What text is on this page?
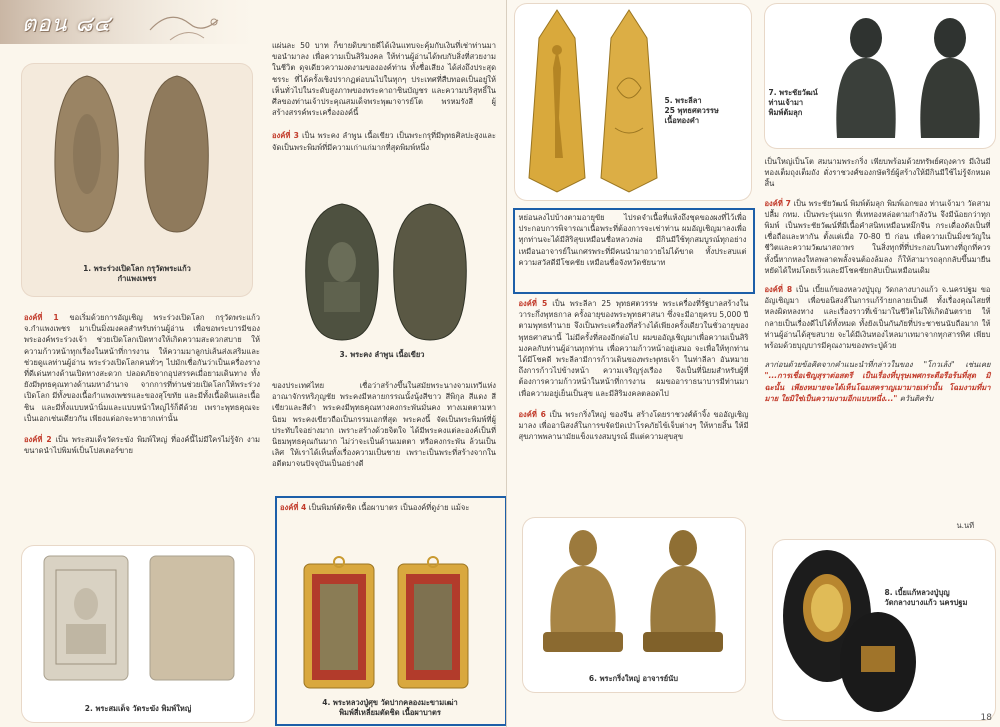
ตอน ๘๔
1. พระร่วงเปิดโลก กรุวัดพระแก้ว
กำแพงเพชร

องค์ที่ 1 ขอเริ่มด้วยการอัญเชิญ พระร่วงเปิดโลก กรุวัดพระแก้ว จ.กำแพงเพชร มาเป็นมิ่งมงคลสำหรับท่านผู้อ่าน เพื่อขอพระบารมีของพระองค์พระร่วงเจ้า ช่วยเปิดโลกเปิดทางให้เกิดความสะดวกสบาย ให้ความก้าวหน้าทุกเรื่องในหน้าที่การงาน ให้ความมาลูกบ่เส้นส่งเสริมและช่วยดูแลท่านผู้อ่าน พระร่วงเปิดโลกคนทั่วๆ ไปมักเชื่อกันว่าเป็นเครื่องรางที่ดีเด่นทางด้านเปิดทางสะดวก ปลอดภัยจากอุปสรรคเมื่อยามเดินทาง ทั้งยังมีพุทธคุณทางด้านมหาอำนาจ จากการที่ท่านช่วยเปิดโลกให้พระร่วงเปิดโลก มีทั้งของเนื้อกำแพงเพชรและของสุโขทัย และมีทั้งเนื้อดินและเนื้อชิน และมีทั้งแบบหน้านิ่มและแบบหน้าใหญ่ไร้ก็ดีด้วย เพราะพุทธคุณจะเป็นเอกเช่นเดียวกัน เพียงแต่อกจะหายากเท่านั้น

องค์ที่ 2 เป็น พระสมเด็จวัดระฆัง พิมพ์ใหญ่ ที่องค์นี้ไม่มีใครไม่รู้จัก งามขนาดนำไปพิมพ์เป็นโปสเตอร์ขาย

2. พระสมเด็จ วัดระฆัง พิมพ์ใหญ่

แผ่นละ 50 บาท ก็ขายดิบขายดีได้เงินแทบจะคุ้มกับเงินที่เช่าท่านมา ขอนำมาลง เพื่อความเป็นสิริมงคล ให้ท่านผู้อ่านได้พบกับสิ่งที่สวยงามในชีวิต ดุจเดียวความงดงามขององค์ท่าน ทั้งชื่อเสียง ได้ส่งถึงประสุดชรระ ที่ได้ครั้งเชิงปรากฏต่อบนไปในทุกๆ ประเทศที่สืบทอดเป็นอยู่ให้เห็นทั่วไปในระดับสูงภาพของพระคาถาชินบัญชร และความบริสุทธิ์ในศีลของท่านเจ้าประคุณสมเด็จพระพุฒาจารย์โต พรหมรังสี ผู้สร้างสรรค์พระเครื่ององค์นี้

องค์ที่ 3 เป็น พระคง ลำพูน เนื้อเขียว เป็นพระกรุที่มีพุทธศิลปะสูงและจัดเป็นพระพิมพ์ที่มีความเก่าแก่มากที่สุดพิมพ์หนึ่ง

3. พระคง ลำพูน เนื้อเขียว

ของประเทศไทย เชื่อว่าสร้างขึ้นในสมัยพระนางจามเทวีแห่งอาณาจักรหริภุญชัย พระคงมีหลายกรรณนั้งนุ้งสีขาว สีพิกุล สีแดง สีเขียวและสีดำ พระคงมีพุทธคุณทางคงกระพันมั่นคง ทางเมตตามหานิยม พระคงเขียวถือเป็นกรรมเอกที่สุด พระคงนี้ จัดเป็นพระพิมพ์ที่ผู้ประทับใจอย่างมาก เพราะสร้างด้วยจิตใจ ได้มีพระคงแต่ละองค์เป็นที่นิยมพุทธคุณกันมาก ไม่ว่าจะเป็นด้านเมตตา หรือคงกระพัน ล้วนเป็นเลิศ ให้เราได้เห็นทั้งเรื่องความเป็นชาย เพราะเป็นพระที่สร้างจากในอดีตมาจนปัจจุบันเป็นอย่างดี

องค์ที่ 4 เป็นพิมพ์ตัดชิด เนื้อผาบาตร เป็นองค์ที่ดูง่าย แม้จะ

4. พระหลวงปู่ศุข วัดปากคลองมะขามเฒ่า
พิมพ์สี่เหลี่ยมตัดชิด เนื้อผาบาตร
5. พระลีลา
25 พุทธศตวรรษ
เนื้อทองคำ
7. พระชัยวัฒน์
ท่านเจ้ามา
พิมพ์ต้มลุก

หย่อนลงไปบ้างตามอายุขัย ไปรดจำเนื้อที่แห้งถึงชุดของผงที่ไว้เพื่อประกอบการพิจารณาเนื้อพระที่ต้องการจะเช่าท่าน ผมอัญเชิญมาลงเพื่อทุกท่านจะได้มีสิริสุขเหมือนชื่อหลวงพ่อ มีกินมีใช้ทุกสมบูรณ์ทุกอย่าง เหมือนอาจารย์ในเกศรพระที่มีคนนำมาถวายไม่ได้ขาด ทั้งประสบแต่ความสวัสดีมีโชคชัย เหมือนชื่อจังหวัดชัยนาท

องค์ที่ 5 เป็น พระลีลา 25 พุทธศตวรรษ พระเครื่องที่รัฐบาลสร้างในวาระกึ่งพุทธกาล ครั้งอายุของพระพุทธศาสนา ซึ่งจะมีอายุครบ 5,000 ปี ตามพุทธทำนาย จึงเป็นพระเครื่องที่สร้างได้เพียงครั้งเดียวในชั่วอายุของพุทธศาสนานี้ ไม่มีครั้งที่สองอีกต่อไป ผมขออัญเชิญมาเพื่อความเป็นสิริมงคลกับท่านผู้อ่านทุกท่าน เพื่อความก้าวหน้าอยู่เสมอ จะเพื่อให้ทุกท่านได้มีโชคดี พระลีลามีการก้าวเดินของพระพุทธเจ้า ในท่าลีลา อันหมายถึงการก้าวไปข้างหน้า ความเจริญรุ่งเรือง จึงเป็นที่นิยมสำหรับผู้ที่ต้องการความก้าวหน้าในหน้าที่การงาน ผมขออาราธนาบารมีท่านมาเพื่อความอยู่เย็นเป็นสุข และมีสิริมงคลตลอดไป

องค์ที่ 6 เป็น พระกริ่งใหญ่ ของจีน สร้างโดยราชวงศ์ต้าจิ้ง ขออัญเชิญมาลง เพื่ออานิสงส์ในการขจัดปัดเป่าโรคภัยไข้เจ็บต่างๆ ให้หายสิ้น ให้มีสุขภาพพลานามัยแข็งแรงสมบูรณ์ มีแต่ความสุขสุข

6. พระกริ่งใหญ่ อาจารย์นับ

เป็นใหญ่เป็นโต สมนามพระกริ่ง เพียบพร้อมด้วยทรัพย์ศฤงคาร มีเงินมีทองเต็มถุงเต็มถัง ดั่งราชวงศ์ของกษัตริย์ผู้สร้างให้มีกินมีใช้ไม่รู้จักหมดสิ้น

องค์ที่ 7 เป็น พระชัยวัฒน์ พิมพ์ต้มลุก พิมพ์เอกของ ท่านเจ้ามา วัดสามปลื้ม กทม. เป็นพระรุ่นแรก ที่เททองหล่อตามกำลังวัน จึงมีน้อยกว่าทุกพิมพ์ เป็นพระชัยวัฒน์ที่มีเนื้อคำสนิทเหมือนหมึกจีน กระเดื่องดังเป็นที่เชื่อถือและหากัน ตั้งแต่เมื่อ 70-80 ปี ก่อน เพื่อความเป็นมิ่งขวัญในชีวิตและความวัฒนาสถาพร ในสิ่งทุกที่ที่ประกอบในทางที่ถูกที่ควร ทั้งนี้หากหลงใหลพลาดพลั้งจนต้องล้มลง ก็ให้สามารถลุกกลับขึ้นมายืนหยัดได้ใหม่โดยเร็วและมีโชคชัยกลับเป็นเหมือนเดิม

องค์ที่ 8 เป็น เบี้ยแก้ของหลวงปู่บุญ วัดกลางบางแก้ว จ.นครปฐม ขออัญเชิญมา เพื่อขอนิสงส์ในการแก้ร้ายกลายเป็นดี ทั้งเรื่องคุณไสยที่หลงผิดหลงทาง และเรื่องราวที่เข้ามาในชีวิตไม่ให้เกิดอันตราย ให้กลายเป็นเรื่องดีไปได้ทั้งหมด ทั้งยังเป็นกันภัยที่ประชาชนนับถือมาก ให้ท่านผู้อ่านได้สุขสบาย จะได้มีเงินทองไหลมาเทมาจากทุกสารทิศ เพียบพร้อมด้วยบุญบารมีคุณงามของพระปู่ด้วย

ลาก่อนด้วยข้อคิดจากคำแนะนำที่กล่าวในของ "โกวเล้ง" เช่นเคย "...การเชื่อเชิญสุราต่อสตรี เป็นเรื่องที่บุรุษเพศกระตือรือร้นที่สุด มิฉะนั้น เพียงหมายจะได้เห็นโฉมสคราญเมามายเท่านั้น โฉมงามที่มามาย ใยมิใช่เป็นความงามอีกแบบหนึ่ง..." ควันติครับ

น.นที
8. เบี้ยแก้หลวงปู่บุญ
วัดกลางบางแก้ว นครปฐม
18
